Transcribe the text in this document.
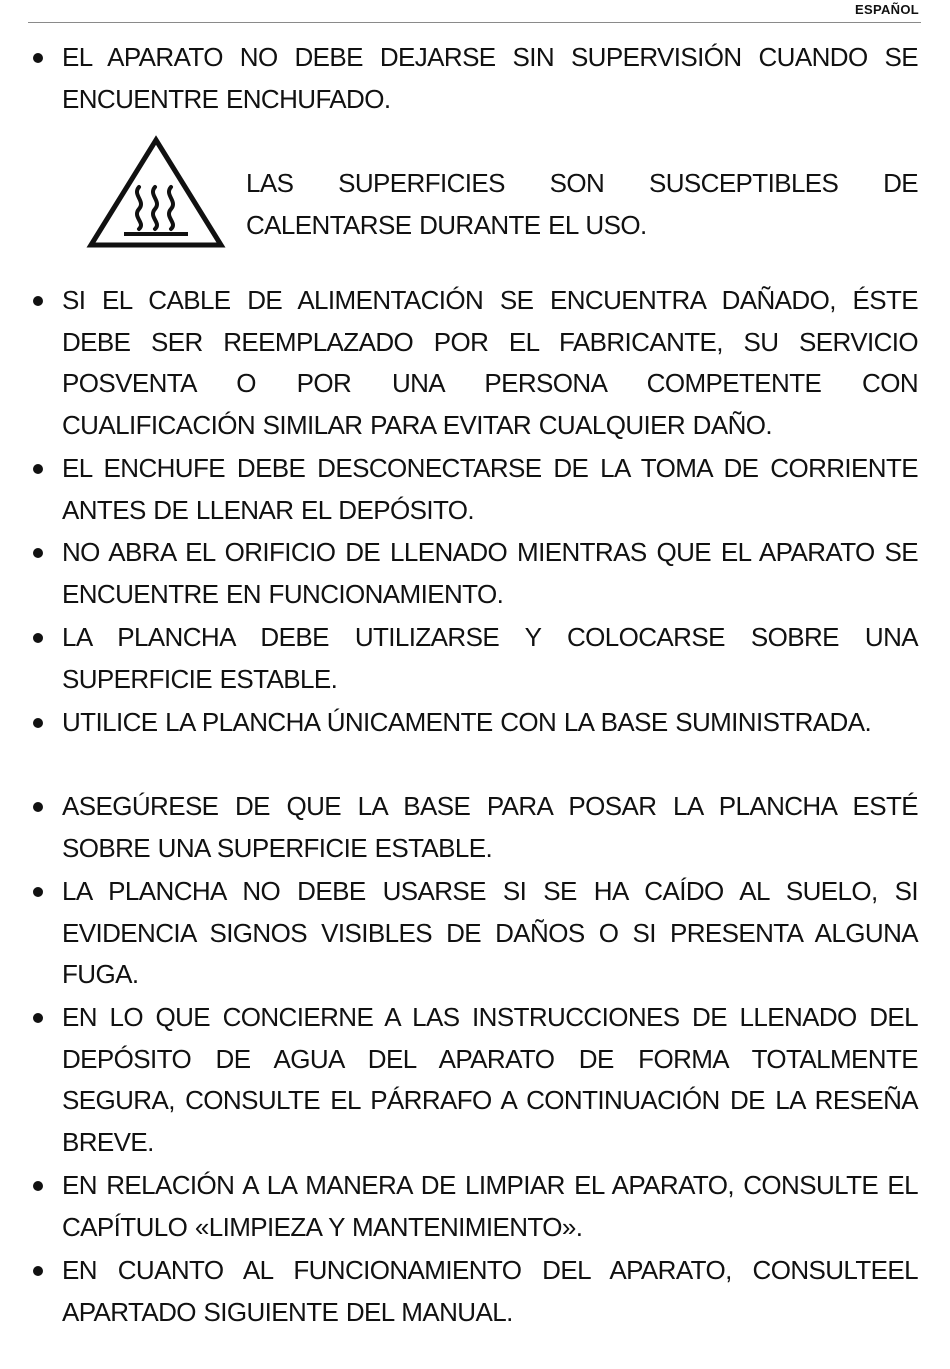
ESPAÑOL
EL APARATO NO DEBE DEJARSE SIN SUPERVISIÓN CUANDO SE ENCUENTRE ENCHUFADO.
LAS SUPERFICIES SON SUSCEPTIBLES DE CALENTARSE DURANTE EL USO.
SI EL CABLE DE ALIMENTACIÓN SE ENCUENTRA DAÑADO, ÉSTE DEBE SER REEMPLAZADO POR EL FABRICANTE, SU SERVICIO POSVENTA O POR UNA PERSONA COMPETENTE CON CUALIFICACIÓN SIMILAR PARA EVITAR CUALQUIER DAÑO.
EL ENCHUFE DEBE DESCONECTARSE DE LA TOMA DE CORRIENTE ANTES DE LLENAR EL DEPÓSITO.
NO ABRA EL ORIFICIO DE LLENADO MIENTRAS QUE EL APARATO SE ENCUENTRE EN FUNCIONAMIENTO.
LA PLANCHA DEBE UTILIZARSE Y COLOCARSE SOBRE UNA SUPERFICIE ESTABLE.
UTILICE LA PLANCHA ÚNICAMENTE CON LA BASE SUMINISTRADA.
ASEGÚRESE DE QUE LA BASE PARA POSAR LA PLANCHA ESTÉ SOBRE UNA SUPERFICIE ESTABLE.
LA PLANCHA NO DEBE USARSE SI SE HA CAÍDO AL SUELO, SI EVIDENCIA SIGNOS VISIBLES DE DAÑOS O SI PRESENTA ALGUNA FUGA.
EN LO QUE CONCIERNE A LAS INSTRUCCIONES DE LLENADO DEL DEPÓSITO DE AGUA DEL APARATO DE FORMA TOTALMENTE SEGURA, CONSULTE EL PÁRRAFO A CONTINUACIÓN DE LA RESEÑA BREVE.
EN RELACIÓN A LA MANERA DE LIMPIAR EL APARATO, CONSULTE EL CAPÍTULO «LIMPIEZA Y MANTENIMIENTO».
EN CUANTO AL FUNCIONAMIENTO DEL APARATO, CONSULTEEL APARTADO SIGUIENTE DEL MANUAL.
